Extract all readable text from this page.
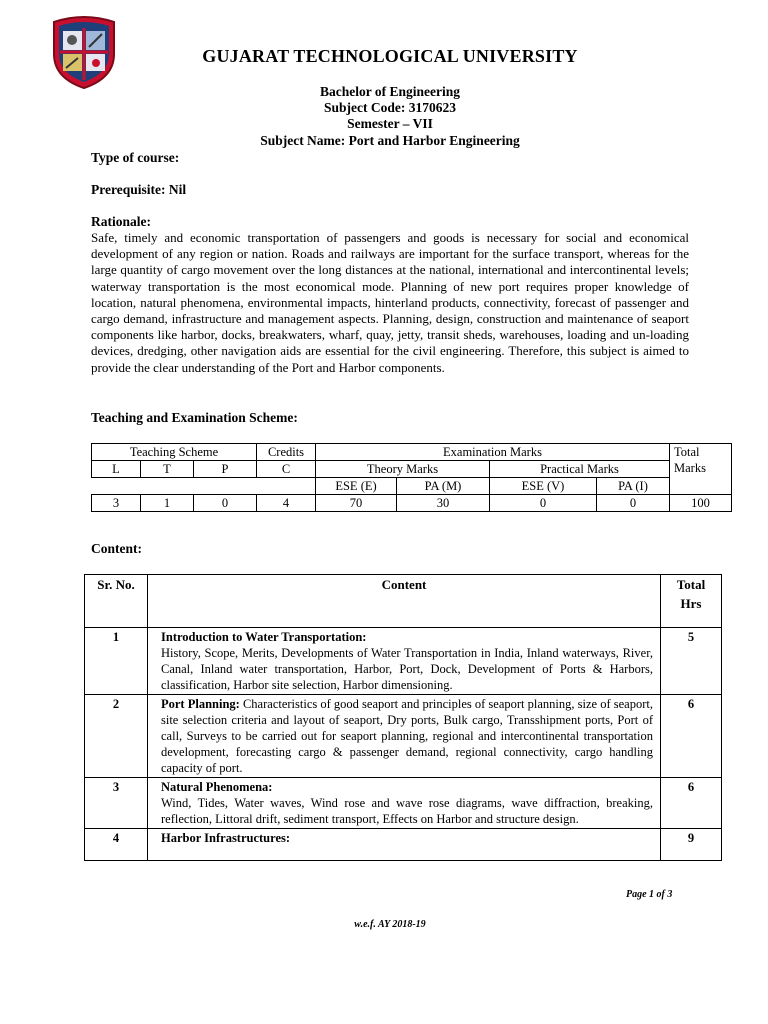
GUJARAT TECHNOLOGICAL UNIVERSITY
Bachelor of Engineering
Subject Code: 3170623
Semester – VII
Subject Name: Port and Harbor Engineering
Type of course:
Prerequisite: Nil
Rationale:
Safe, timely and economic transportation of passengers and goods is necessary for social and economical development of any region or nation. Roads and railways are important for the surface transport, whereas for the large quantity of cargo movement over the long distances at the national, international and intercontinental levels; waterway transportation is the most economical mode. Planning of new port requires proper knowledge of location, natural phenomena, environmental impacts, hinterland products, connectivity, forecast of passenger and cargo demand, infrastructure and management aspects. Planning, design, construction and maintenance of seaport components like harbor, docks, breakwaters, wharf, quay, jetty, transit sheds, warehouses, loading and un-loading devices, dredging, other navigation aids are essential for the civil engineering. Therefore, this subject is aimed to provide the clear understanding of the Port and Harbor components.
Teaching and Examination Scheme:
Teaching Scheme			Credits	Examination Marks				Total
L	T	P	C	Theory Marks		Practical Marks		Marks
				ESE (E)	PA (M)	ESE (V)	PA (I)	
3	1	0	4	70	30	0	0	100
Content:
Sr. No.	Content	Total
Hrs

1	Introduction to Water Transportation:
History, Scope, Merits, Developments of Water Transportation in India, Inland waterways, River, Canal, Inland water transportation, Harbor, Port, Dock, Development of Ports & Harbors, classification, Harbor site selection, Harbor dimensioning.	5
2	Port Planning: Characteristics of good seaport and principles of seaport planning, size of seaport, site selection criteria and layout of seaport, Dry ports, Bulk cargo, Transshipment ports, Port of call, Surveys to be carried out for seaport planning, regional and intercontinental transportation development, forecasting cargo & passenger demand, regional connectivity, cargo handling capacity of port.	6
3	Natural Phenomena:
Wind, Tides, Water waves, Wind rose and wave rose diagrams, wave diffraction, breaking, reflection, Littoral drift, sediment transport, Effects on Harbor and structure design.	6
4	Harbor Infrastructures:	9
Page 1 of 3
w.e.f. AY 2018-19
